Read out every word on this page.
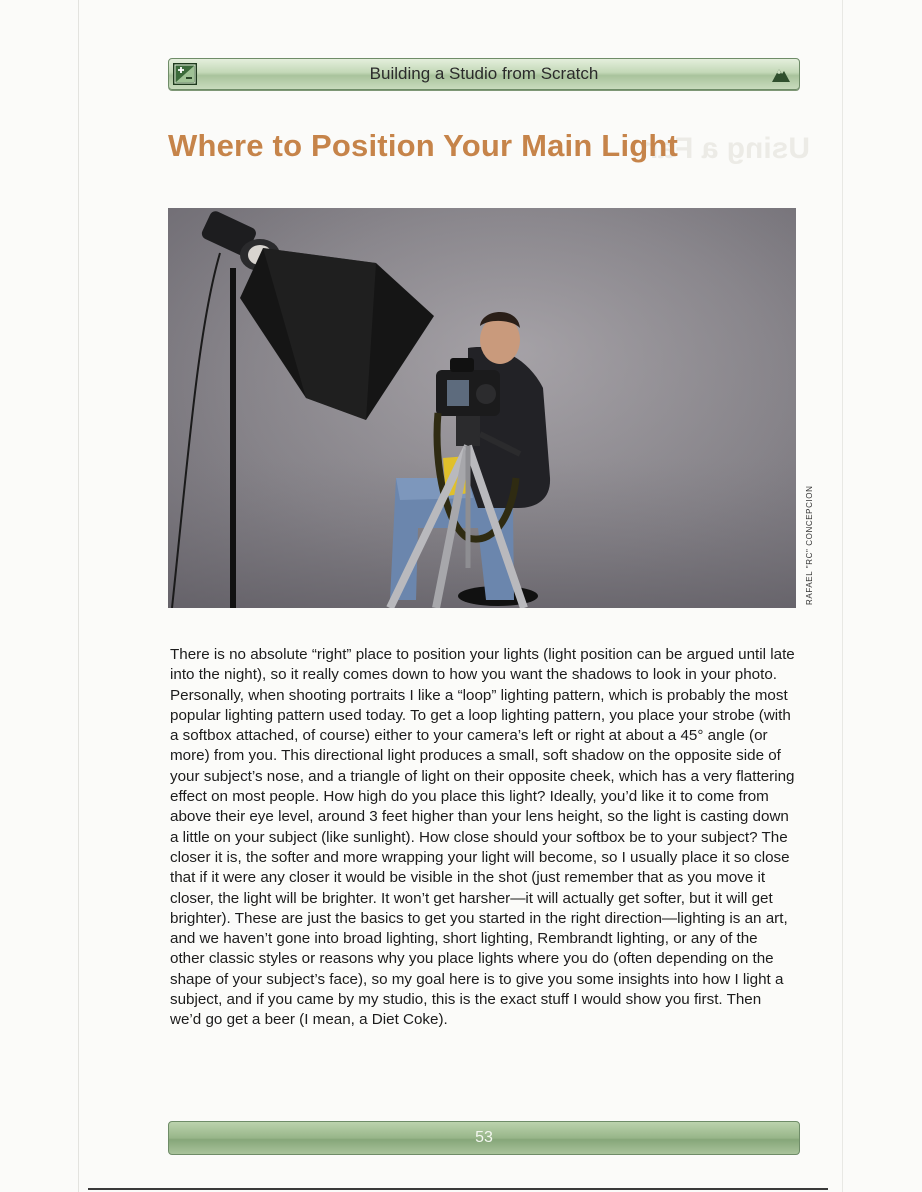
Building a Studio from Scratch
Using a Fan
Where to Position Your Main Light
RAFAEL "RC" CONCEPCION

There is no absolute “right” place to position your lights (light position can be argued until late into the night), so it really comes down to how you want the shadows to look in your photo. Personally, when shooting portraits I like a “loop” lighting pattern, which is probably the most popular lighting pattern used today. To get a loop lighting pattern, you place your strobe (with a softbox attached, of course) either to your camera’s left or right at about a 45° angle (or more) from you. This directional light produces a small, soft shadow on the opposite side of your subject’s nose, and a triangle of light on their opposite cheek, which has a very flattering effect on most people. How high do you place this light? Ideally, you’d like it to come from above their eye level, around 3 feet higher than your lens height, so the light is casting down a little on your subject (like sunlight). How close should your softbox be to your subject? The closer it is, the softer and more wrapping your light will become, so I usually place it so close that if it were any closer it would be visible in the shot (just remember that as you move it closer, the light will be brighter. It won’t get harsher—it will actually get softer, but it will get brighter). These are just the basics to get you started in the right direction—lighting is an art, and we haven’t gone into broad lighting, short lighting, Rembrandt lighting, or any of the other classic styles or reasons why you place lights where you do (often depending on the shape of your subject’s face), so my goal here is to give you some insights into how I light a subject, and if you came by my studio, this is the exact stuff I would show you first. Then we’d go get a beer (I mean, a Diet Coke).

53
